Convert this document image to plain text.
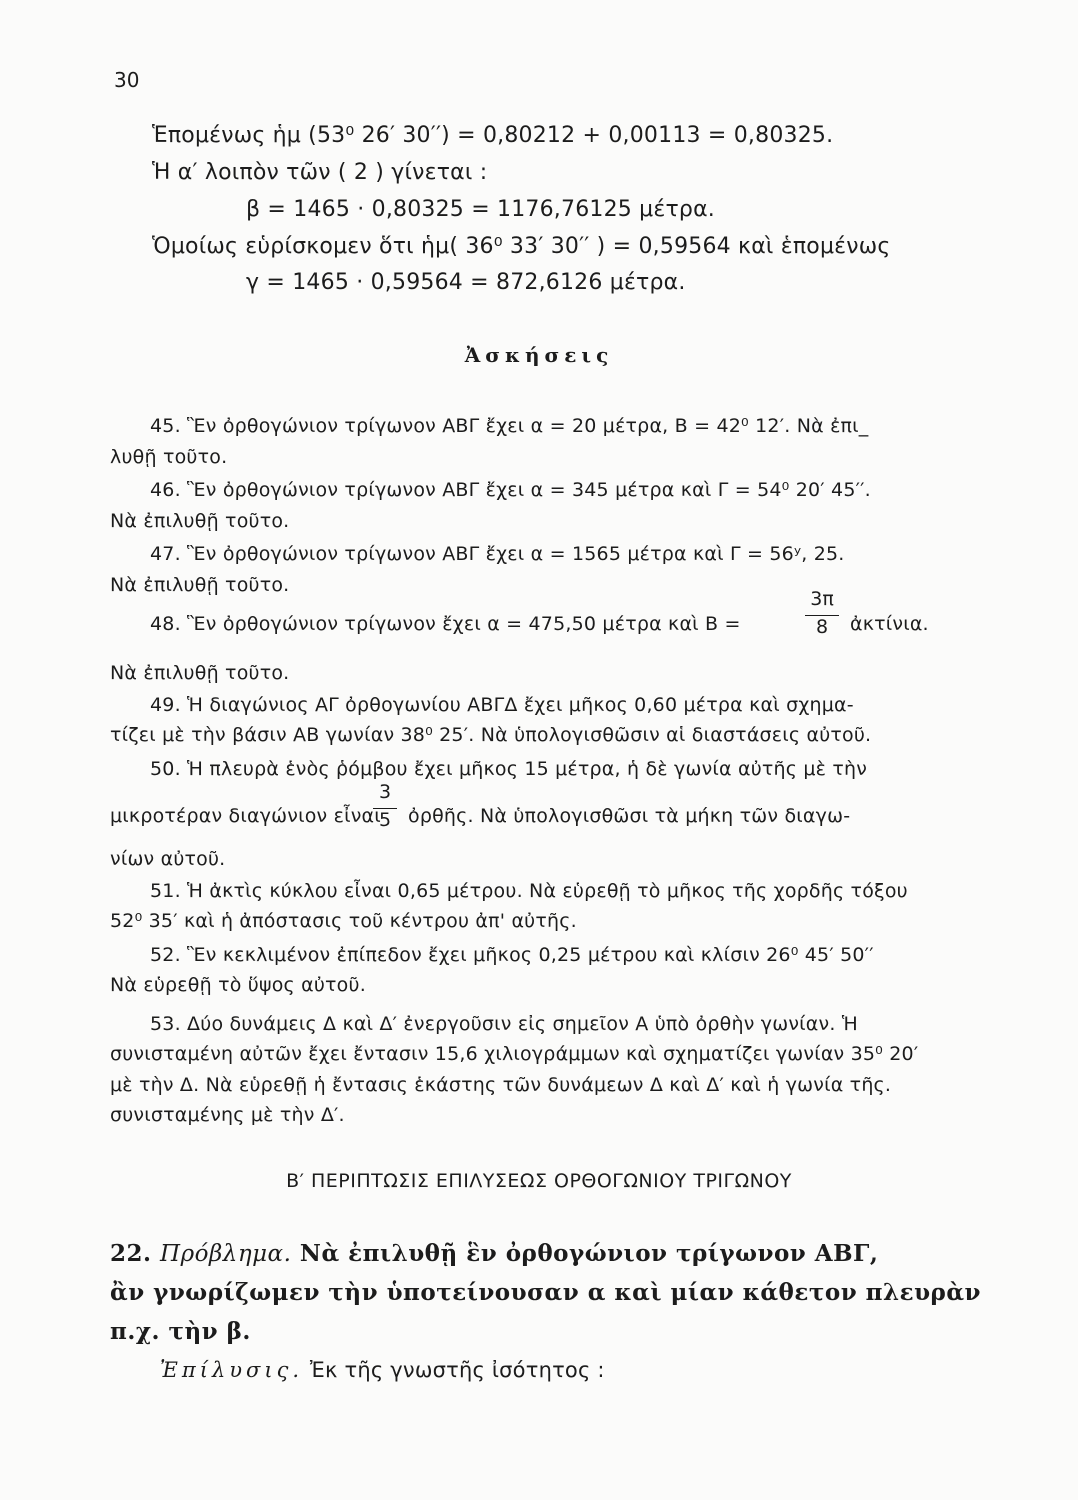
30
Ἑπομένως ἡμ (53⁰ 26′ 30′′) = 0,80212 + 0,00113 = 0,80325.
Ἡ α′ λοιπὸν τῶν ( 2 ) γίνεται :
β = 1465 · 0,80325 = 1176,76125 μέτρα.
Ὁμοίως εὑρίσκομεν ὅτι ἡμ( 36⁰ 33′ 30′′ ) = 0,59564 καὶ ἑπομένως
γ = 1465 · 0,59564 = 872,6126 μέτρα.
Ἀσκήσεις
45. Ἓν ὀρθογώνιον τρίγωνον ΑΒΓ ἔχει α = 20 μέτρα, Β = 42⁰ 12′. Νὰ ἐπι_
λυθῇ τοῦτο.
46. Ἓν ὀρθογώνιον τρίγωνον ΑΒΓ ἔχει α = 345 μέτρα καὶ Γ = 54⁰ 20′ 45′′.
Νὰ ἐπιλυθῇ τοῦτο.
47. Ἓν ὀρθογώνιον τρίγωνον ΑΒΓ ἔχει α = 1565 μέτρα καὶ Γ = 56ʸ, 25.
Νὰ ἐπιλυθῇ τοῦτο.
48. Ἓν ὀρθογώνιον τρίγωνον ἔχει α = 475,50 μέτρα καὶ Β =
3π
8	ἀκτίνια.
Νὰ ἐπιλυθῇ τοῦτο.
49. Ἡ διαγώνιος ΑΓ ὀρθογωνίου ΑΒΓΔ ἔχει μῆκος 0,60 μέτρα καὶ σχημα-
τίζει μὲ τὴν βάσιν ΑΒ γωνίαν 38⁰ 25′. Νὰ ὑπολογισθῶσιν αἱ διαστάσεις αὐτοῦ.
50. Ἡ πλευρὰ ἑνὸς ῥόμβου ἔχει μῆκος 15 μέτρα, ἡ δὲ γωνία αὐτῆς μὲ τὴν
μικροτέραν διαγώνιον εἶναι
3
5 ὀρθῆς. Νὰ ὑπολογισθῶσι τὰ μήκη τῶν διαγω-
νίων αὐτοῦ.
51. Ἡ ἀκτὶς κύκλου εἶναι 0,65 μέτρου. Νὰ εὑρεθῇ τὸ μῆκος τῆς χορδῆς τόξου
52⁰ 35′ καὶ ἡ ἀπόστασις τοῦ κέντρου ἀπ' αὐτῆς.
52. Ἓν κεκλιμένον ἐπίπεδον ἔχει μῆκος 0,25 μέτρου καὶ κλίσιν 26⁰ 45′ 50′′
Νὰ εὑρεθῇ τὸ ὕψος αὐτοῦ.
53. Δύο δυνάμεις Δ καὶ Δ′ ἐνεργοῦσιν εἰς σημεῖον Α ὑπὸ ὀρθὴν γωνίαν. Ἡ
συνισταμένη αὐτῶν ἔχει ἔντασιν 15,6 χιλιογράμμων καὶ σχηματίζει γωνίαν 35⁰ 20′
μὲ τὴν Δ. Νὰ εὑρεθῇ ἡ ἔντασις ἑκάστης τῶν δυνάμεων Δ καὶ Δ′ καὶ ἡ γωνία τῆς.
συνισταμένης μὲ τὴν Δ′.
Β′ ΠΕΡΙΠΤΩΣΙΣ ΕΠΙΛΥΣΕΩΣ ΟΡΘΟΓΩΝΙΟΥ ΤΡΙΓΩΝΟΥ
22. Πρόβλημα. Νὰ ἐπιλυθῇ ἓν ὀρθογώνιον τρίγωνον ΑΒΓ,
ἂν γνωρίζωμεν τὴν ὑποτείνουσαν α καὶ μίαν κάθετον πλευρὰν
π.χ. τὴν β.
Ἐπίλυσις. Ἐκ τῆς γνωστῆς ἰσότητος :
